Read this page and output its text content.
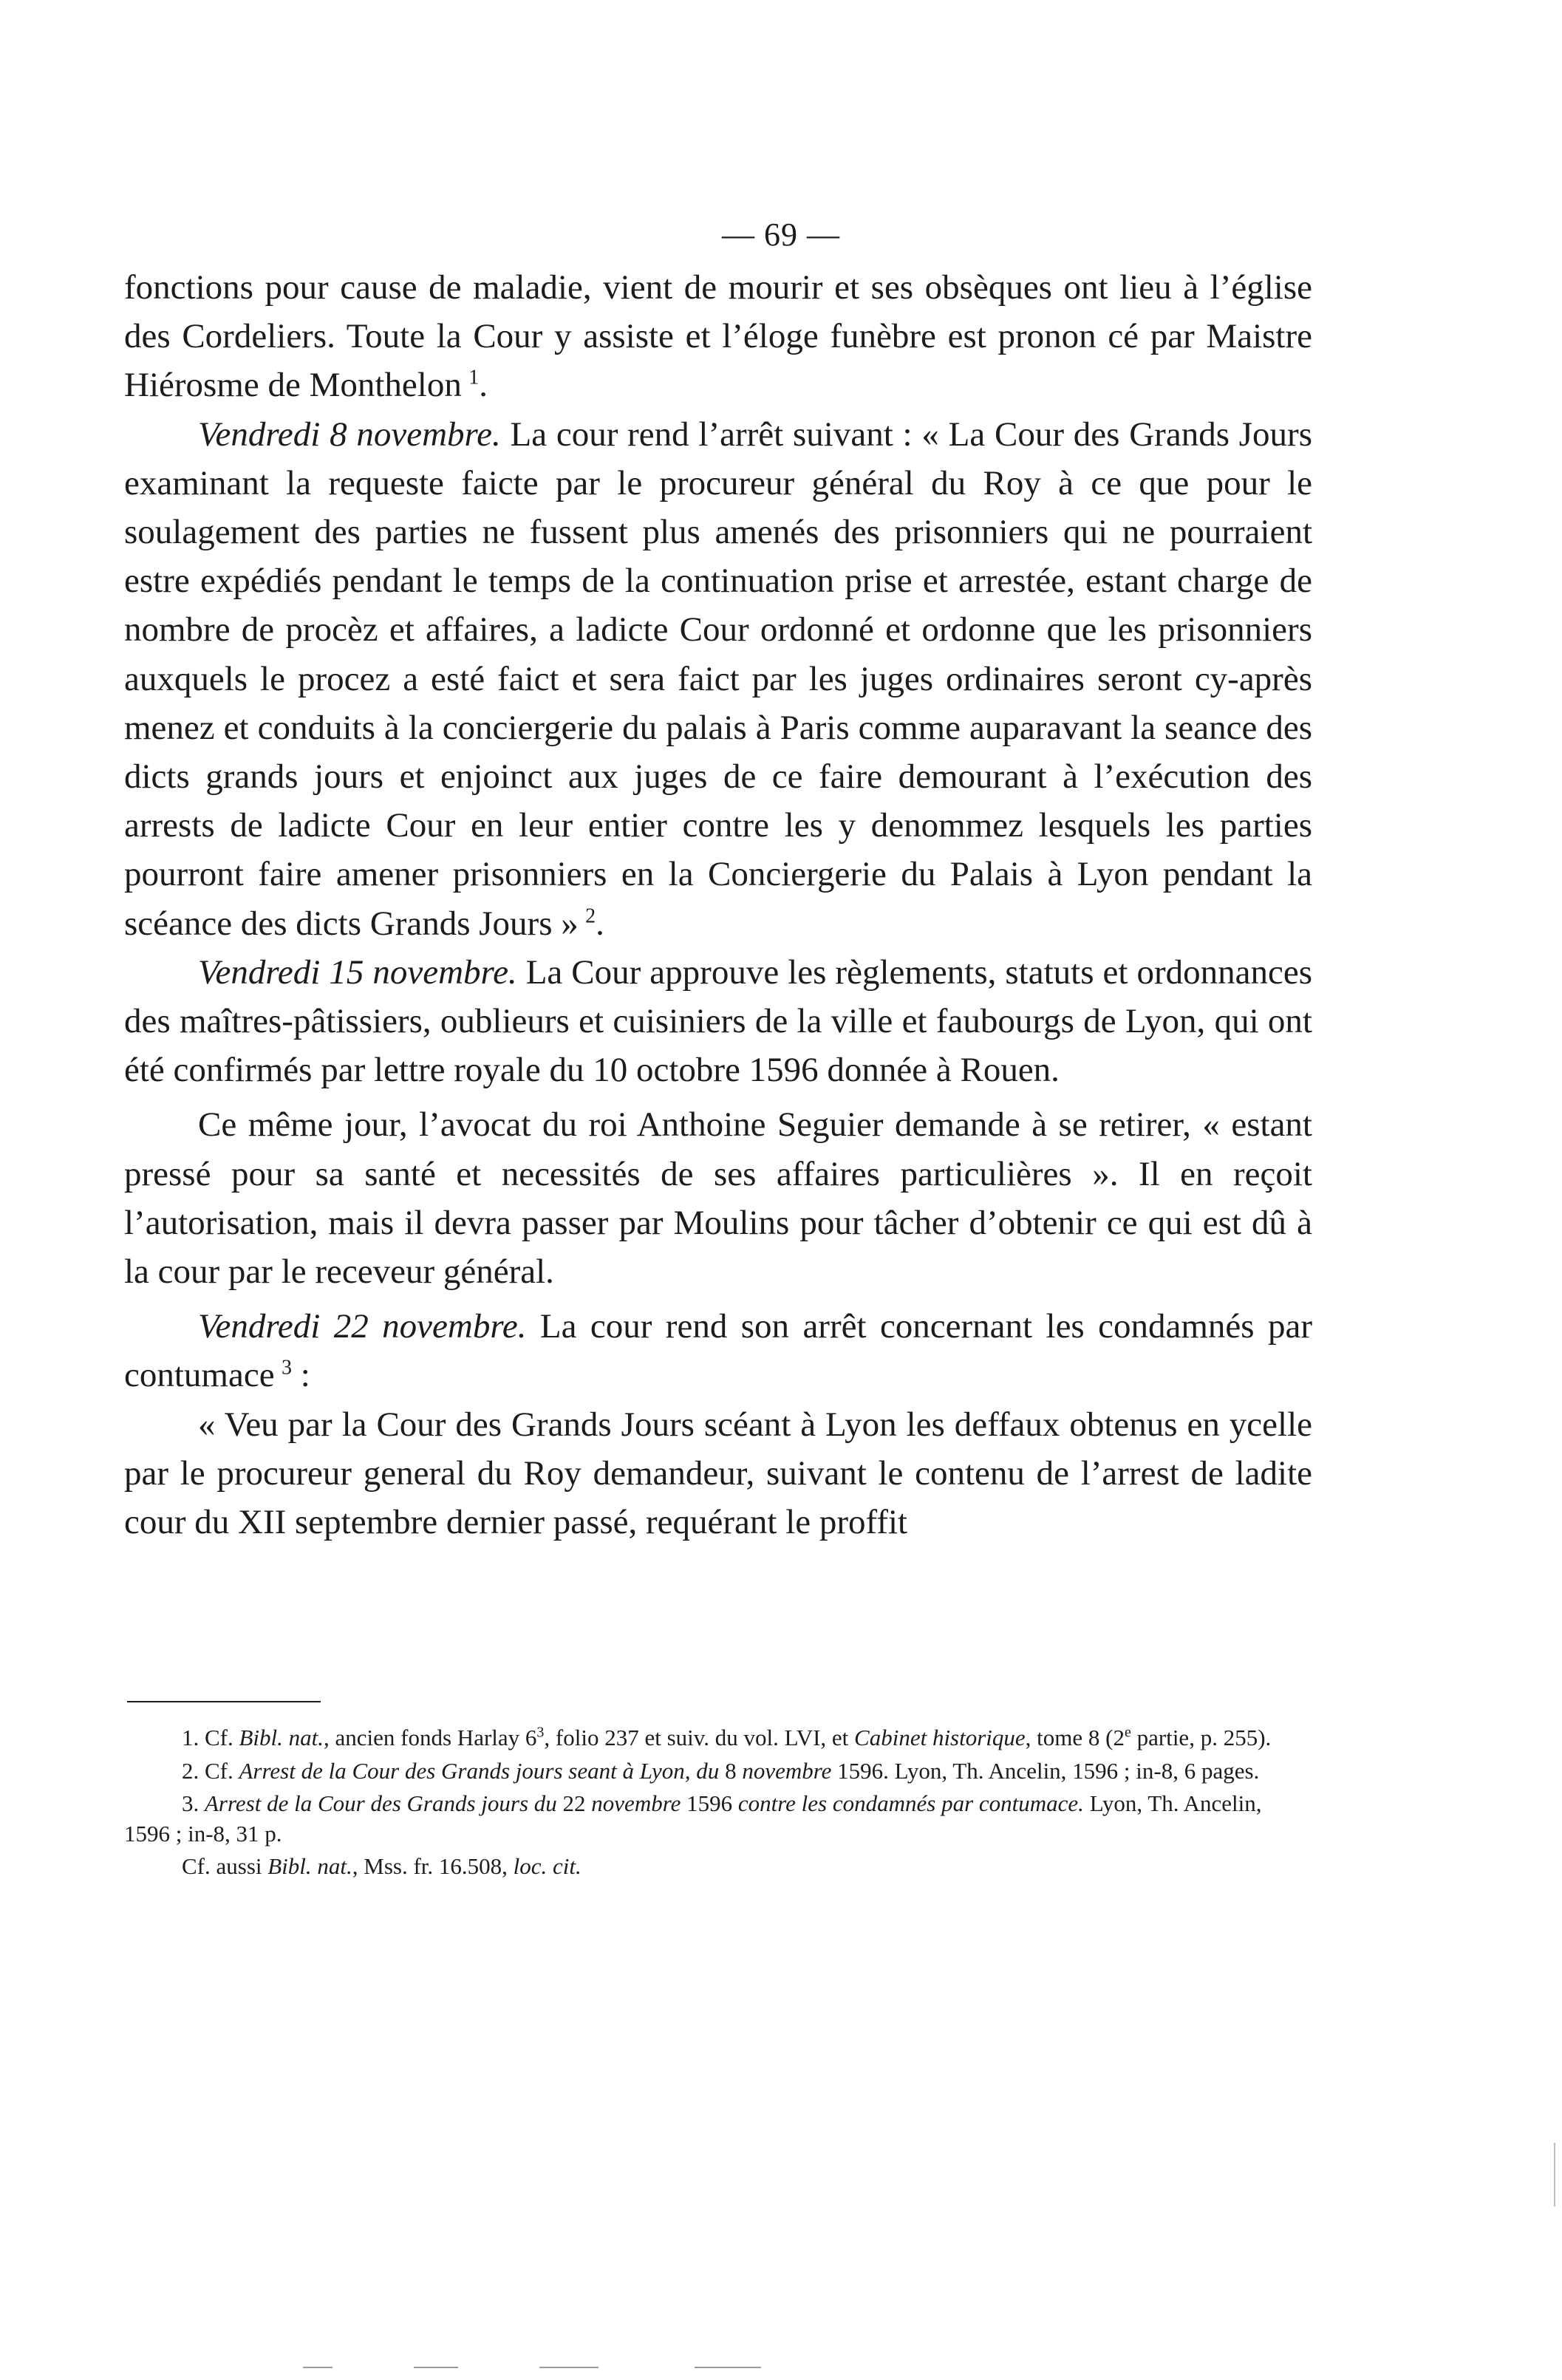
— 69 —

fonctions pour cause de maladie, vient de mourir et ses obsèques ont lieu à l’église des Cordeliers. Toute la Cour y assiste et l’éloge funèbre est pronon cé par Maistre Hiérosme de Monthelon  $^1$.

Vendredi 8 novembre. La cour rend l’arrêt suivant : « La Cour des Grands Jours examinant la requeste faicte par le procureur général du Roy à ce que pour le soulagement des parties ne fussent plus amenés des prisonniers qui ne pourraient estre expédiés pendant le temps de la continuation prise et arrestée, estant charge de nombre de procèz et affaires, a ladicte Cour ordonné et ordonne que les prisonniers auxquels le procez a esté faict et sera faict par les juges ordinaires seront cy-après menez et conduits à la conciergerie du palais à Paris comme auparavant la seance des dicts grands jours et enjoinct aux juges de ce faire demourant à l’exécution des arrests de ladicte Cour en leur entier contre les y denommez lesquels les parties pourront faire amener prisonniers en la Conciergerie du Palais à Lyon pendant la scéance des dicts Grands Jours »  $^2$.

Vendredi 15 novembre. La Cour approuve les règlements, statuts et ordonnances des maîtres-pâtissiers, oublieurs et cuisiniers de la ville et faubourgs de Lyon, qui ont été confirmés par lettre royale du 10 octobre 1596 donnée à Rouen.

Ce même jour, l’avocat du roi Anthoine Seguier demande à se retirer, « estant pressé pour sa santé et necessités de ses affaires particulières ». Il en reçoit l’autorisation, mais il devra passer par Moulins pour tâcher d’obtenir ce qui est dû à la cour par le receveur général.

Vendredi 22 novembre. La cour rend son arrêt concernant les condamnés par contumace  $^3$ :

« Veu par la Cour des Grands Jours scéant à Lyon les deffaux obtenus en ycelle par le procureur general du Roy demandeur, suivant le contenu de l’arrest de ladite cour du XII septembre dernier passé, requérant le proffit

1. Cf. Bibl. nat., ancien fonds Harlay $6^3$, folio 237 et suiv. du vol. LVI, et Cabinet historique, tome 8 (2e partie, p. 255).

2. Cf. Arrest de la Cour des Grands jours seant à Lyon, du 8 novembre 1596. Lyon, Th. Ancelin, 1596 ; in-8, 6 pages.

3. Arrest de la Cour des Grands jours du 22 novembre 1596 contre les condamnés par contumace. Lyon, Th. Ancelin, 1596 ; in-8, 31 p.

Cf. aussi Bibl. nat., Mss. fr. 16.508, loc. cit.
